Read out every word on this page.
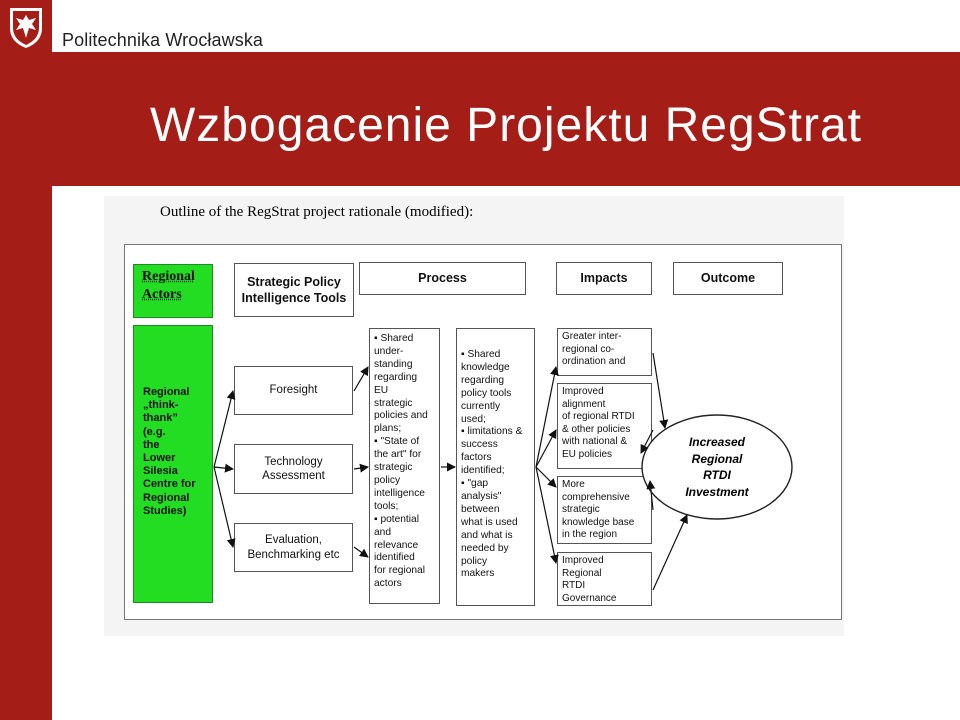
Politechnika Wrocławska
Wzbogacenie Projektu RegStrat
Outline of the RegStrat project rationale (modified):
Regional Actors
Strategic Policy
Intelligence Tools
Process	Impacts	Outcome
Regional
„think-
thank”
(e.g.
the
Lower
Silesia
Centre for
Regional
Studies)
Foresight
Technology
Assessment
Evaluation,
Benchmarking etc
▪ Shared
under-
standing
regarding
EU
strategic
policies and
plans;
▪ "State of
the art" for
strategic
policy
intelligence
tools;
▪ potential
and
relevance
identified
for regional
actors
▪ Shared
knowledge
regarding
policy tools
currently
used;
▪ limitations &
success
factors
identified;
▪ "gap
analysis"
between
what is used
and what is
needed by
policy
makers
Greater inter-
regional co-
ordination and
Improved
alignment
of regional RTDI
& other policies
with national &
EU policies
More
comprehensive
strategic
knowledge base
in the region
Improved
Regional
RTDI
Governance
Increased
Regional
RTDI
Investment
